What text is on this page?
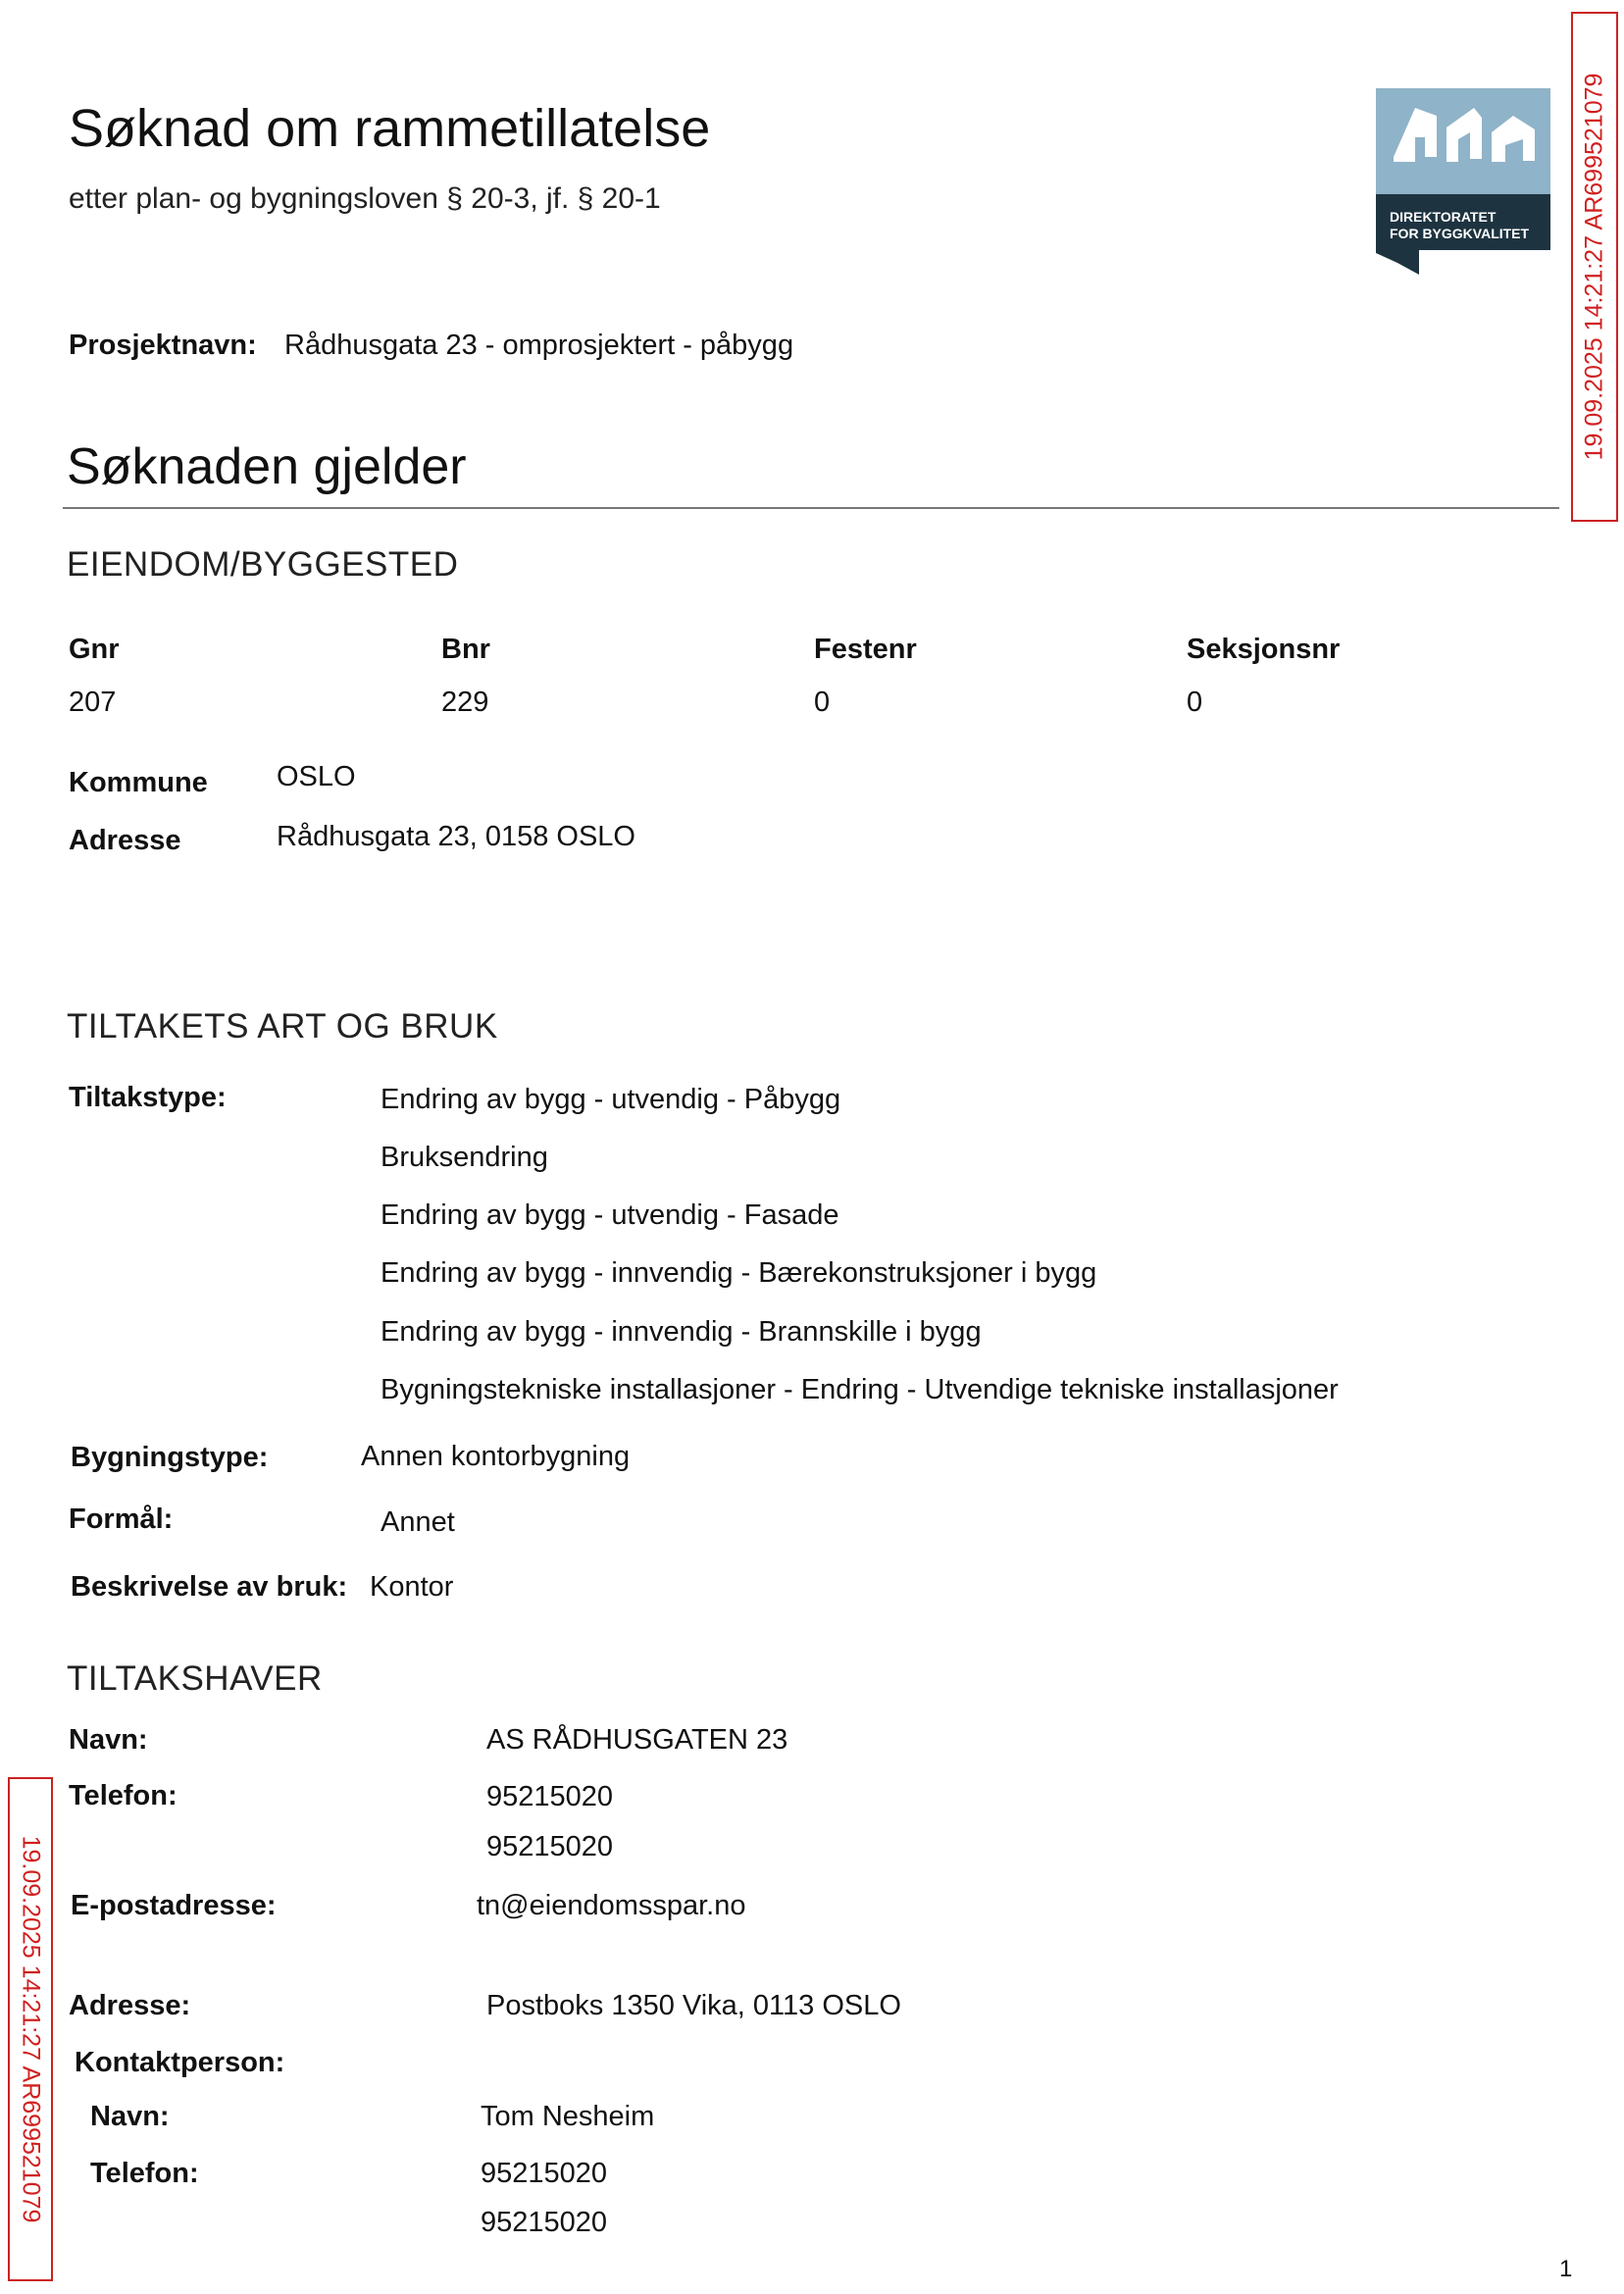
Søknad om rammetillatelse
etter plan- og bygningsloven § 20-3, jf. § 20-1
DIREKTORATET
FOR BYGGKVALITET
Prosjektnavn: Rådhusgata 23 - omprosjektert - påbygg
Søknaden gjelder
EIENDOM/BYGGESTED
Gnr	Bnr	Festenr	Seksjonsnr
207	229	0	0
Kommune OSLO
Adresse	Rådhusgata 23, 0158 OSLO
TILTAKETS ART OG BRUK
Tiltakstype:	Endring av bygg - utvendig - Påbygg
Bruksendring
Endring av bygg - utvendig - Fasade
Endring av bygg - innvendig - Bærekonstruksjoner i bygg
Endring av bygg - innvendig - Brannskille i bygg
Bygningstekniske installasjoner - Endring - Utvendige tekniske installasjoner
Bygningstype:	Annen kontorbygning
Formål:	Annet
Beskrivelse av bruk: Kontor
TILTAKSHAVER
Navn:	AS RÅDHUSGATEN 23
Telefon:	95215020
95215020
E-postadresse:	tn@eiendomsspar.no
Adresse:	Postboks 1350 Vika, 0113 OSLO
Kontaktperson:
Navn:	Tom Nesheim
Telefon:	95215020
95215020
19.09.2025 14:21:27 AR699521079
19.09.2025 14:21:27 AR699521079
1
